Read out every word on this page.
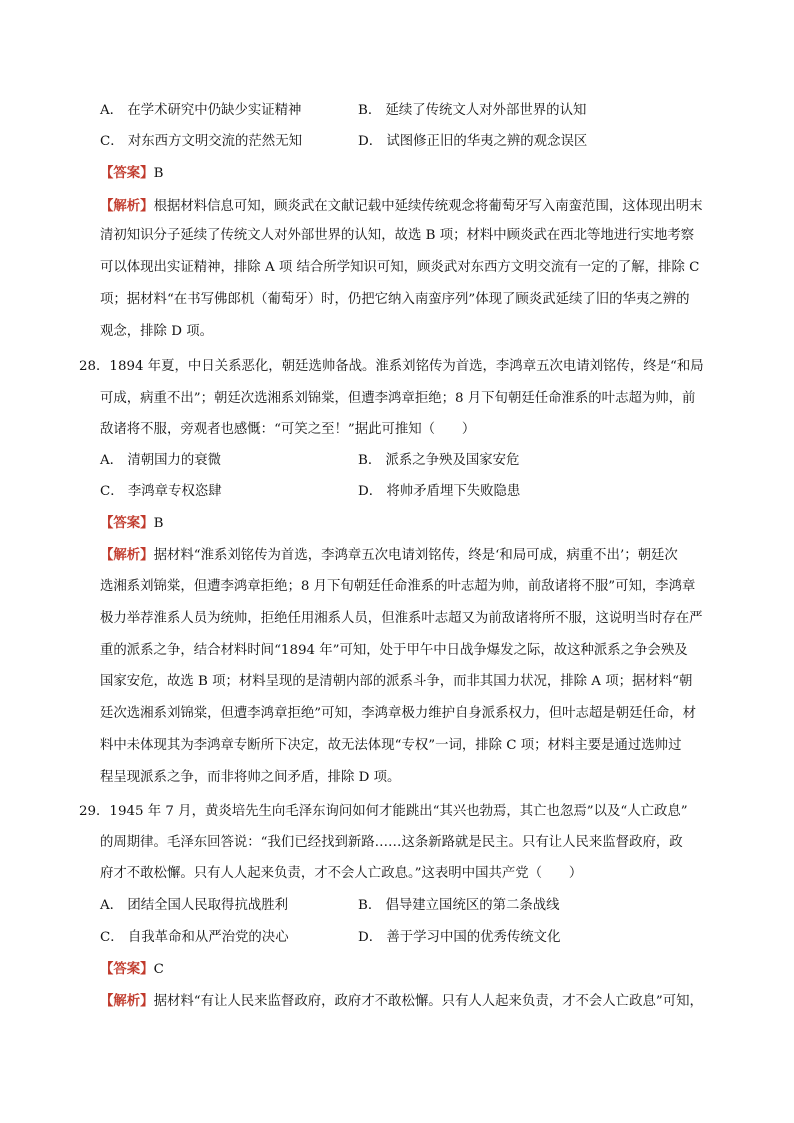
A． 在学术研究中仍缺少实证精神	B． 延续了传统文人对外部世界的认知
C． 对东西方文明交流的茫然无知	D． 试图修正旧的华夷之辨的观念误区
【答案】B
【解析】根据材料信息可知，顾炎武在文献记载中延续传统观念将葡萄牙写入南蛮范围，这体现出明末
清初知识分子延续了传统文人对外部世界的认知，故选 B 项；材料中顾炎武在西北等地进行实地考察
可以体现出实证精神，排除 A 项 结合所学知识可知，顾炎武对东西方文明交流有一定的了解，排除 C
项；据材料“在书写佛郎机（葡萄牙）时，仍把它纳入南蛮序列”体现了顾炎武延续了旧的华夷之辨的
观念，排除 D 项。
28．1894 年夏，中日关系恶化，朝廷选帅备战。淮系刘铭传为首选，李鸿章五次电请刘铭传，终是“和局
可成，病重不出”；朝廷次选湘系刘锦棠，但遭李鸿章拒绝；8 月下旬朝廷任命淮系的叶志超为帅，前
敌诸将不服，旁观者也感慨：“可笑之至！”据此可推知（　　）
A． 清朝国力的衰微	B． 派系之争殃及国家安危
C． 李鸿章专权恣肆	D． 将帅矛盾埋下失败隐患
【答案】B
【解析】据材料“淮系刘铭传为首选，李鸿章五次电请刘铭传，终是‘和局可成，病重不出’；朝廷次
选湘系刘锦棠，但遭李鸿章拒绝；8 月下旬朝廷任命淮系的叶志超为帅，前敌诸将不服”可知，李鸿章
极力举荐淮系人员为统帅，拒绝任用湘系人员，但淮系叶志超又为前敌诸将所不服，这说明当时存在严
重的派系之争，结合材料时间“1894 年”可知，处于甲午中日战争爆发之际，故这种派系之争会殃及
国家安危，故选 B 项；材料呈现的是清朝内部的派系斗争，而非其国力状况，排除 A 项；据材料“朝
廷次选湘系刘锦棠，但遭李鸿章拒绝”可知，李鸿章极力维护自身派系权力，但叶志超是朝廷任命，材
料中未体现其为李鸿章专断所下决定，故无法体现“专权”一词，排除 C 项；材料主要是通过选帅过
程呈现派系之争，而非将帅之间矛盾，排除 D 项。
29．1945 年 7 月，黄炎培先生向毛泽东询问如何才能跳出“其兴也勃焉，其亡也忽焉”以及“人亡政息”
的周期律。毛泽东回答说：“我们已经找到新路……这条新路就是民主。只有让人民来监督政府，政
府才不敢松懈。只有人人起来负责，才不会人亡政息。”这表明中国共产党（　　）
A． 团结全国人民取得抗战胜利	B． 倡导建立国统区的第二条战线
C． 自我革命和从严治党的决心	D． 善于学习中国的优秀传统文化
【答案】C
【解析】据材料“有让人民来监督政府，政府才不敢松懈。只有人人起来负责，才不会人亡政息”可知，
